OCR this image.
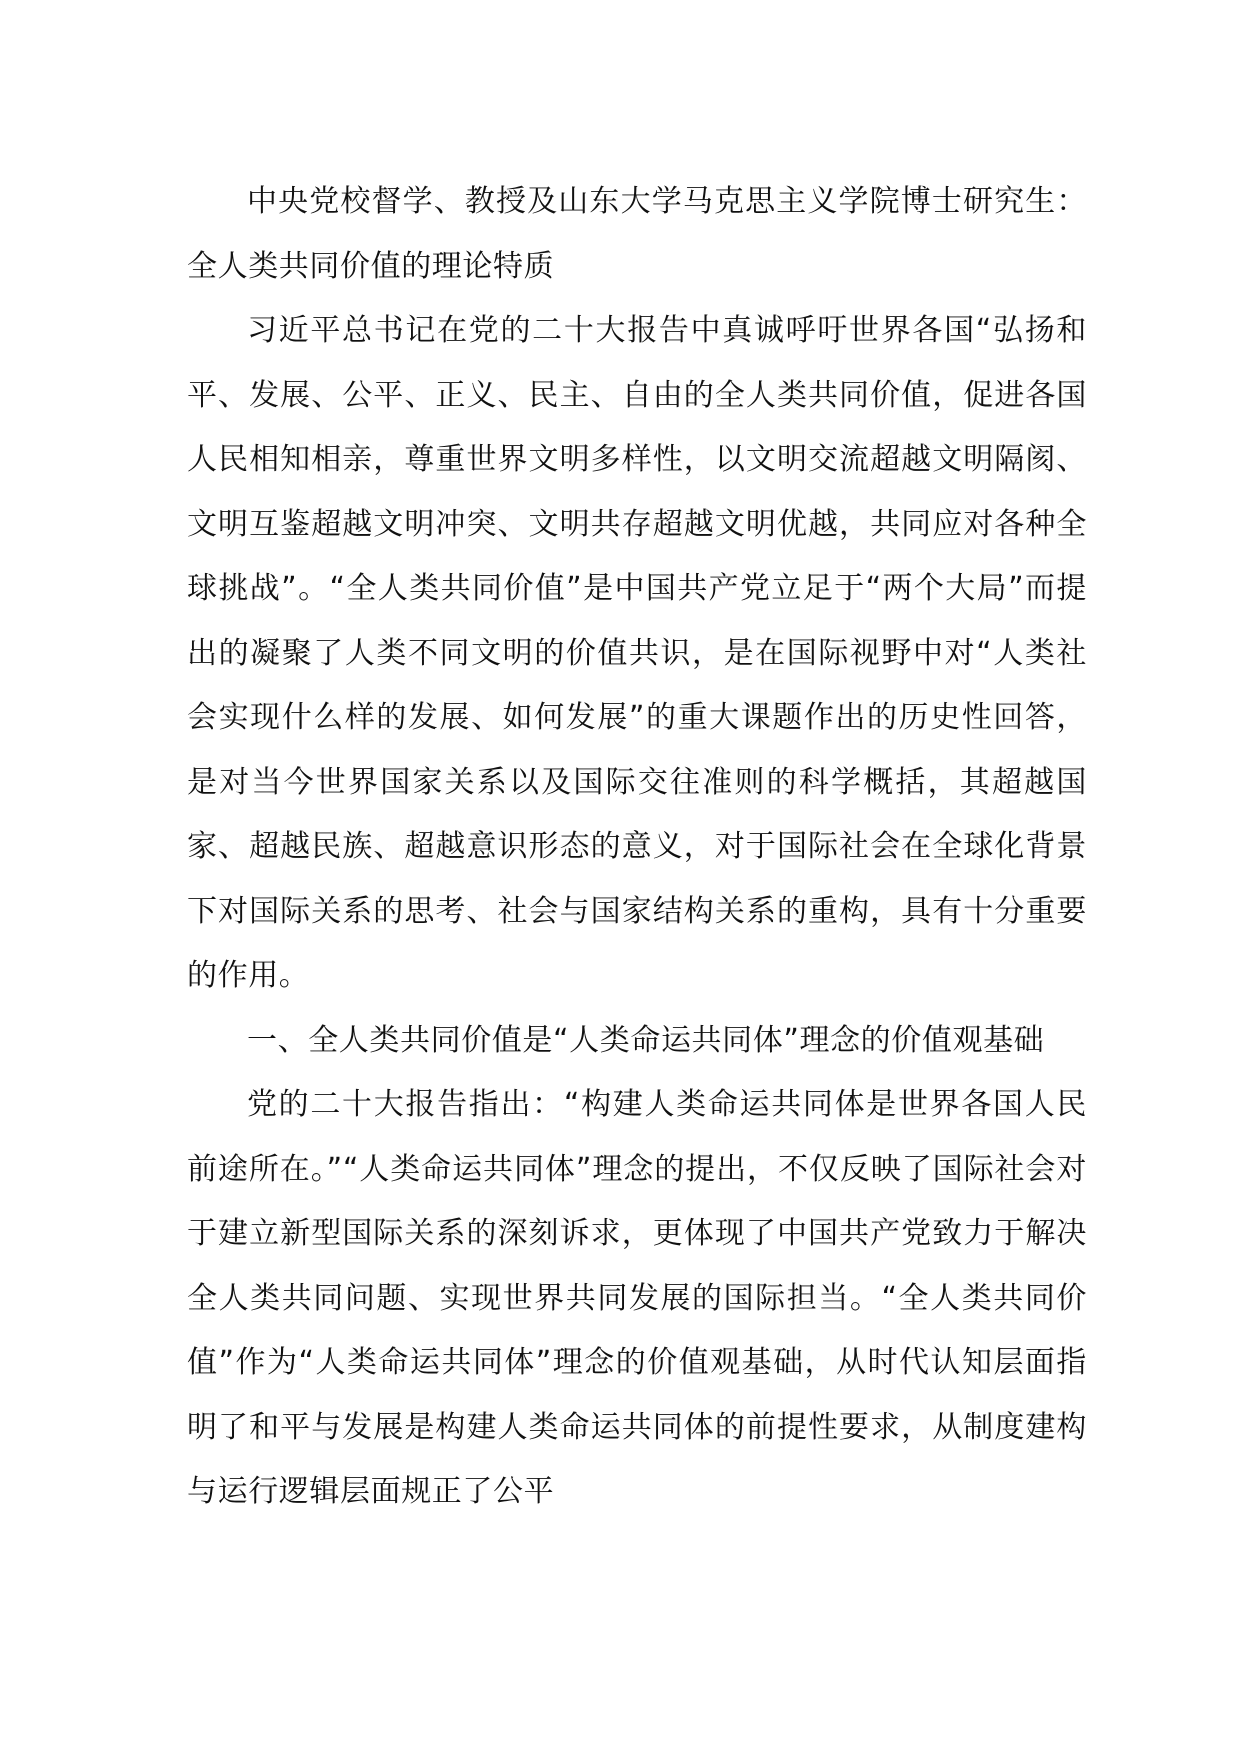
中央党校督学、教授及山东大学马克思主义学院博士研究生：全人类共同价值的理论特质

习近平总书记在党的二十大报告中真诚呼吁世界各国“弘扬和平、发展、公平、正义、民主、自由的全人类共同价值，促进各国人民相知相亲，尊重世界文明多样性，以文明交流超越文明隔阂、文明互鉴超越文明冲突、文明共存超越文明优越，共同应对各种全球挑战”。“全人类共同价值”是中国共产党立足于“两个大局”而提出的凝聚了人类不同文明的价值共识，是在国际视野中对“人类社会实现什么样的发展、如何发展”的重大课题作出的历史性回答，是对当今世界国家关系以及国际交往准则的科学概括，其超越国家、超越民族、超越意识形态的意义，对于国际社会在全球化背景下对国际关系的思考、社会与国家结构关系的重构，具有十分重要的作用。

一、全人类共同价值是“人类命运共同体”理念的价值观基础

党的二十大报告指出：“构建人类命运共同体是世界各国人民前途所在。”“人类命运共同体”理念的提出，不仅反映了国际社会对于建立新型国际关系的深刻诉求，更体现了中国共产党致力于解决全人类共同问题、实现世界共同发展的国际担当。“全人类共同价值”作为“人类命运共同体”理念的价值观基础，从时代认知层面指明了和平与发展是构建人类命运共同体的前提性要求，从制度建构与运行逻辑层面规正了公平
